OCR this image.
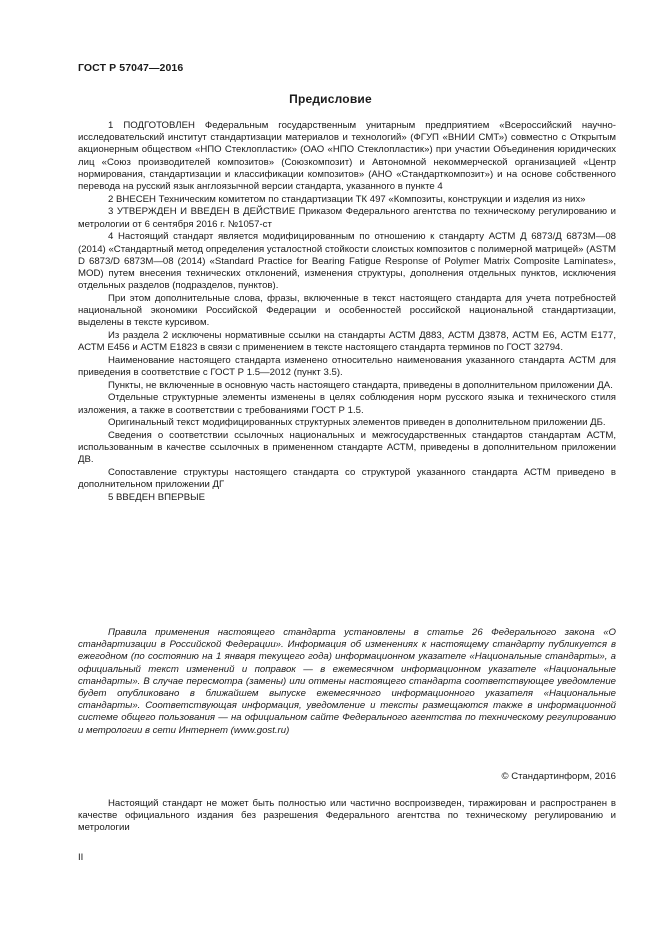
ГОСТ Р 57047—2016
Предисловие

1 ПОДГОТОВЛЕН Федеральным государственным унитарным предприятием «Всероссийский научно-исследовательский институт стандартизации материалов и технологий» (ФГУП «ВНИИ СМТ») совместно с Открытым акционерным обществом «НПО Стеклопластик» (ОАО «НПО Стеклопластик») при участии Объединения юридических лиц «Союз производителей композитов» (Союзкомпозит) и Автономной некоммерческой организацией «Центр нормирования, стандартизации и классификации композитов» (АНО «Стандарткомпозит») и на основе собственного перевода на русский язык англоязычной версии стандарта, указанного в пункте 4

2 ВНЕСЕН Техническим комитетом по стандартизации ТК 497 «Композиты, конструкции и изделия из них»

3 УТВЕРЖДЕН И ВВЕДЕН В ДЕЙСТВИЕ Приказом Федерального агентства по техническому регулированию и метрологии от 6 сентября 2016 г. №1057-ст

4 Настоящий стандарт является модифицированным по отношению к стандарту АСТМ Д 6873/Д 6873М—08 (2014) «Стандартный метод определения усталостной стойкости слоистых композитов с полимерной матрицей» (ASTM D 6873/D 6873M—08 (2014) «Standard Practice for Bearing Fatigue Response of Polymer Matrix Composite Laminates», MOD) путем внесения технических отклонений, изменения структуры, дополнения отдельных пунктов, исключения отдельных разделов (подразделов, пунктов).

При этом дополнительные слова, фразы, включенные в текст настоящего стандарта для учета потребностей национальной экономики Российской Федерации и особенностей российской национальной стандартизации, выделены в тексте курсивом.

Из раздела 2 исключены нормативные ссылки на стандарты АСТМ Д883, АСТМ Д3878, АСТМ Е6, АСТМ Е177, АСТМ Е456 и АСТМ Е1823 в связи с применением в тексте настоящего стандарта терминов по ГОСТ 32794.

Наименование настоящего стандарта изменено относительно наименования указанного стандарта АСТМ для приведения в соответствие с ГОСТ Р 1.5—2012 (пункт 3.5).

Пункты, не включенные в основную часть настоящего стандарта, приведены в дополнительном приложении ДА.

Отдельные структурные элементы изменены в целях соблюдения норм русского языка и технического стиля изложения, а также в соответствии с требованиями ГОСТ Р 1.5.

Оригинальный текст модифицированных структурных элементов приведен в дополнительном приложении ДБ.

Сведения о соответствии ссылочных национальных и межгосударственных стандартов стандартам АСТМ, использованным в качестве ссылочных в примененном стандарте АСТМ, приведены в дополнительном приложении ДВ.

Сопоставление структуры настоящего стандарта со структурой указанного стандарта АСТМ приведено в дополнительном приложении ДГ

5 ВВЕДЕН ВПЕРВЫЕ

Правила применения настоящего стандарта установлены в статье 26 Федерального закона «О стандартизации в Российской Федерации». Информация об изменениях к настоящему стандарту публикуется в ежегодном (по состоянию на 1 января текущего года) информационном указателе «Национальные стандарты», а официальный текст изменений и поправок — в ежемесячном информационном указателе «Национальные стандарты». В случае пересмотра (замены) или отмены настоящего стандарта соответствующее уведомление будет опубликовано в ближайшем выпуске ежемесячного информационного указателя «Национальные стандарты». Соответствующая информация, уведомление и тексты размещаются также в информационной системе общего пользования — на официальном сайте Федерального агентства по техническому регулированию и метрологии в сети Интернет (www.gost.ru)
© Стандартинформ, 2016
Настоящий стандарт не может быть полностью или частично воспроизведен, тиражирован и распространен в качестве официального издания без разрешения Федерального агентства по техническому регулированию и метрологии
II
